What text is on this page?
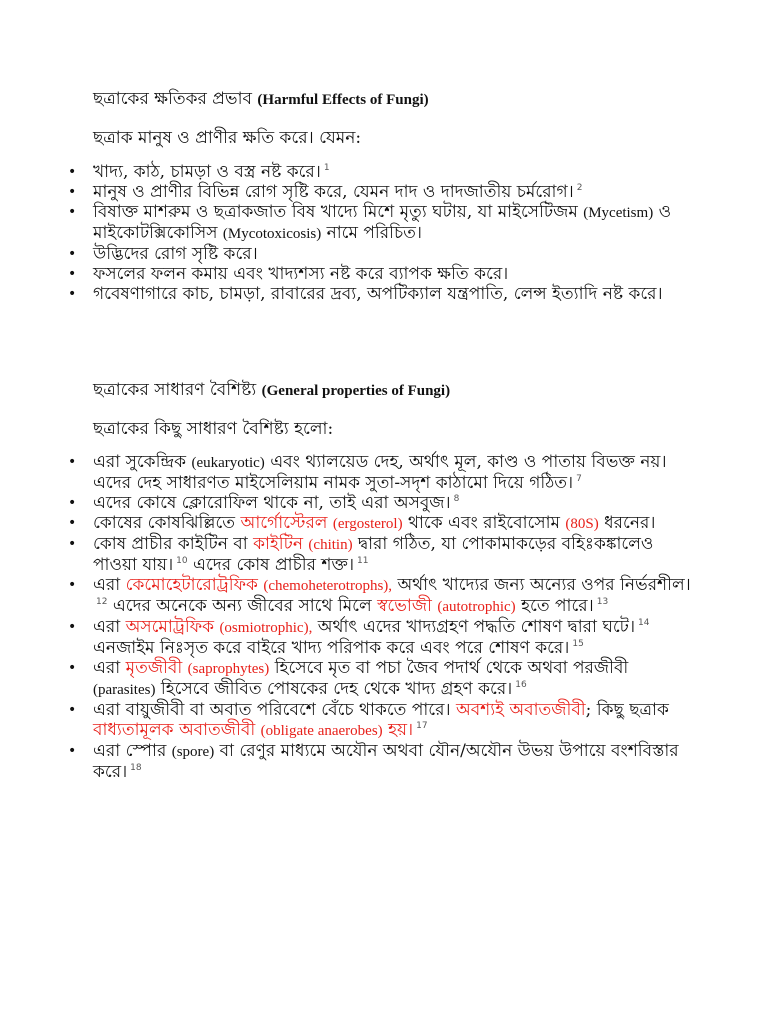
ছত্রাকের ক্ষতিকর প্রভাব (Harmful Effects of Fungi)
ছত্রাক মানুষ ও প্রাণীর ক্ষতি করে। যেমন:
• খাদ্য, কাঠ, চামড়া ও বস্ত্র নষ্ট করে। $^1$
• মানুষ ও প্রাণীর বিভিন্ন রোগ সৃষ্টি করে, যেমন দাদ ও দাদজাতীয় চর্মরোগ। $^2$
• বিষাক্ত মাশরুম ও ছত্রাকজাত বিষ খাদ্যে মিশে মৃত্যু ঘটায়, যা মাইসেটিজম (Mycetism) ও মাইকোটক্সিকোসিস (Mycotoxicosis) নামে পরিচিত।
• উদ্ভিদের রোগ সৃষ্টি করে।
• ফসলের ফলন কমায় এবং খাদ্যশস্য নষ্ট করে ব্যাপক ক্ষতি করে।
• গবেষণাগারে কাচ, চামড়া, রাবারের দ্রব্য, অপটিক্যাল যন্ত্রপাতি, লেন্স ইত্যাদি নষ্ট করে।
ছত্রাকের সাধারণ বৈশিষ্ট্য (General properties of Fungi)
ছত্রাকের কিছু সাধারণ বৈশিষ্ট্য হলো:
• এরা সুকেন্দ্রিক (eukaryotic) এবং থ্যালয়েড দেহ, অর্থাৎ মূল, কাণ্ড ও পাতায় বিভক্ত নয়। এদের দেহ সাধারণত মাইসেলিয়াম নামক সুতা-সদৃশ কাঠামো দিয়ে গঠিত। $^7$
• এদের কোষে ক্লোরোফিল থাকে না, তাই এরা অসবুজ। $^8$
• কোষের কোষঝিল্লিতে আর্গোস্টেরল (ergosterol) থাকে এবং রাইবোসোম (80S) ধরনের।
• কোষ প্রাচীর কাইটিন বা কাইটিন (chitin) দ্বারা গঠিত, যা পোকামাকড়ের বহিঃকঙ্কালেও পাওয়া যায়। $^{10}$ এদের কোষ প্রাচীর শক্ত। $^{11}$
• এরা কেমোহেটারোট্রফিক (chemoheterotrophs), অর্থাৎ খাদ্যের জন্য অন্যের ওপর নির্ভরশীল।$^{12}$ এদের অনেকে অন্য জীবের সাথে মিলে স্বভোজী (autotrophic) হতে পারে। $^{13}$
• এরা অসমোট্রফিক (osmiotrophic), অর্থাৎ এদের খাদ্যগ্রহণ পদ্ধতি শোষণ দ্বারা ঘটে। $^{14}$ এনজাইম নিঃসৃত করে বাইরে খাদ্য পরিপাক করে এবং পরে শোষণ করে। $^{15}$
• এরা মৃতজীবী (saprophytes) হিসেবে মৃত বা পচা জৈব পদার্থ থেকে অথবা পরজীবী (parasites) হিসেবে জীবিত পোষকের দেহ থেকে খাদ্য গ্রহণ করে। $^{16}$
• এরা বায়ুজীবী বা অবাত পরিবেশে বেঁচে থাকতে পারে। অবশ্যই অবাতজীবী; কিছু ছত্রাক বাধ্যতামূলক অবাতজীবী (obligate anaerobes) হয়। $^{17}$
• এরা স্পোর (spore) বা রেণুর মাধ্যমে অযৌন অথবা যৌন/অযৌন উভয় উপায়ে বংশবিস্তার করে। $^{18}$
